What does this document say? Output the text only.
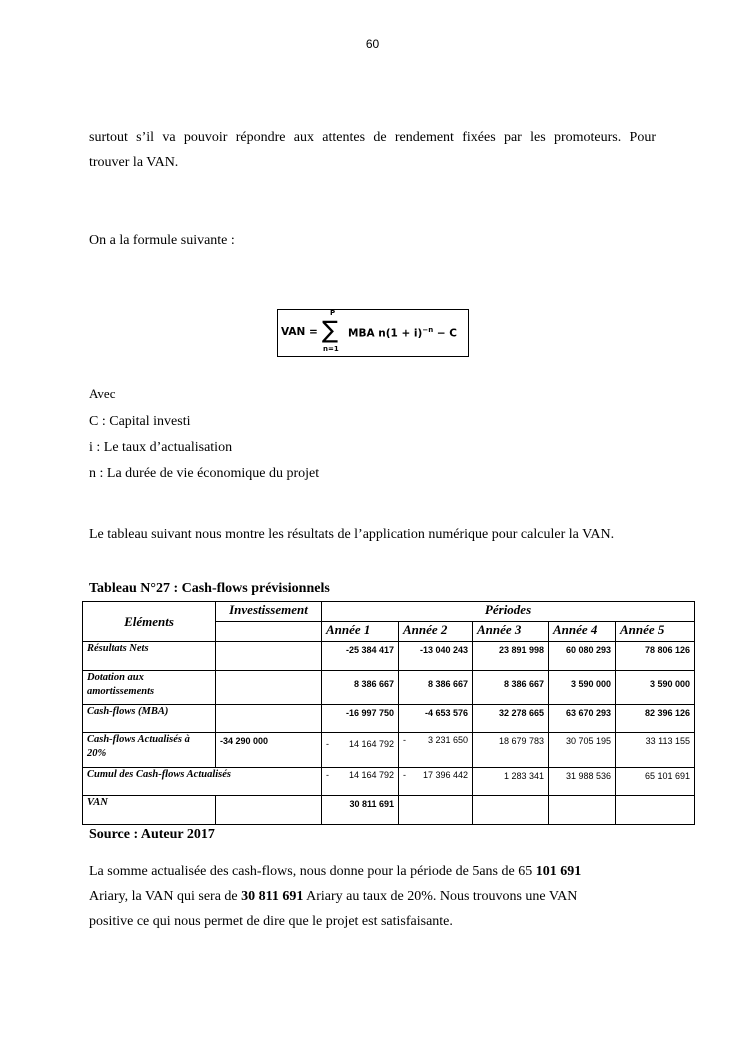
60
surtout s’il va pouvoir répondre aux attentes de rendement fixées par les promoteurs. Pour
trouver la VAN.
On a la formule suivante :
VAN =
P
∑
n=1
MBA $n(1 + i)^{-n} - C$
Avec
C : Capital investi
i : Le taux d’actualisation
n : La durée de vie économique du projet
Le tableau suivant nous montre les résultats de l’application numérique pour calculer la VAN.
Tableau N°27 : Cash-flows prévisionnels
Eléments	Investissement	Périodes				
		Année 1	Année 2	Année 3	Année 4	Année 5
Résultats Nets		-25 384 417	-13 040 243	23 891 998	60 080 293	78 806 126
Dotation aux amortissements		8 386 667	8 386 667	8 386 667	3 590 000	3 590 000
Cash-flows (MBA)		-16 997 750	-4 653 576	32 278 665	63 670 293	82 396 126
Cash-flows Actualisés à 20%	-34 290 000	- 14 164 792	- 3 231 650	18 679 783	30 705 195	33 113 155
Cumul des Cash-flows Actualisés		- 14 164 792	- 17 396 442	1 283 341	31 988 536	65 101 691
VAN		30 811 691				
Source : Auteur 2017
La somme actualisée des cash-flows, nous donne pour la période de 5ans de 65 101 691
Ariary, la VAN qui sera de 30 811 691 Ariary au taux de 20%. Nous trouvons une VAN
positive ce qui nous permet de dire que le projet est satisfaisante.
